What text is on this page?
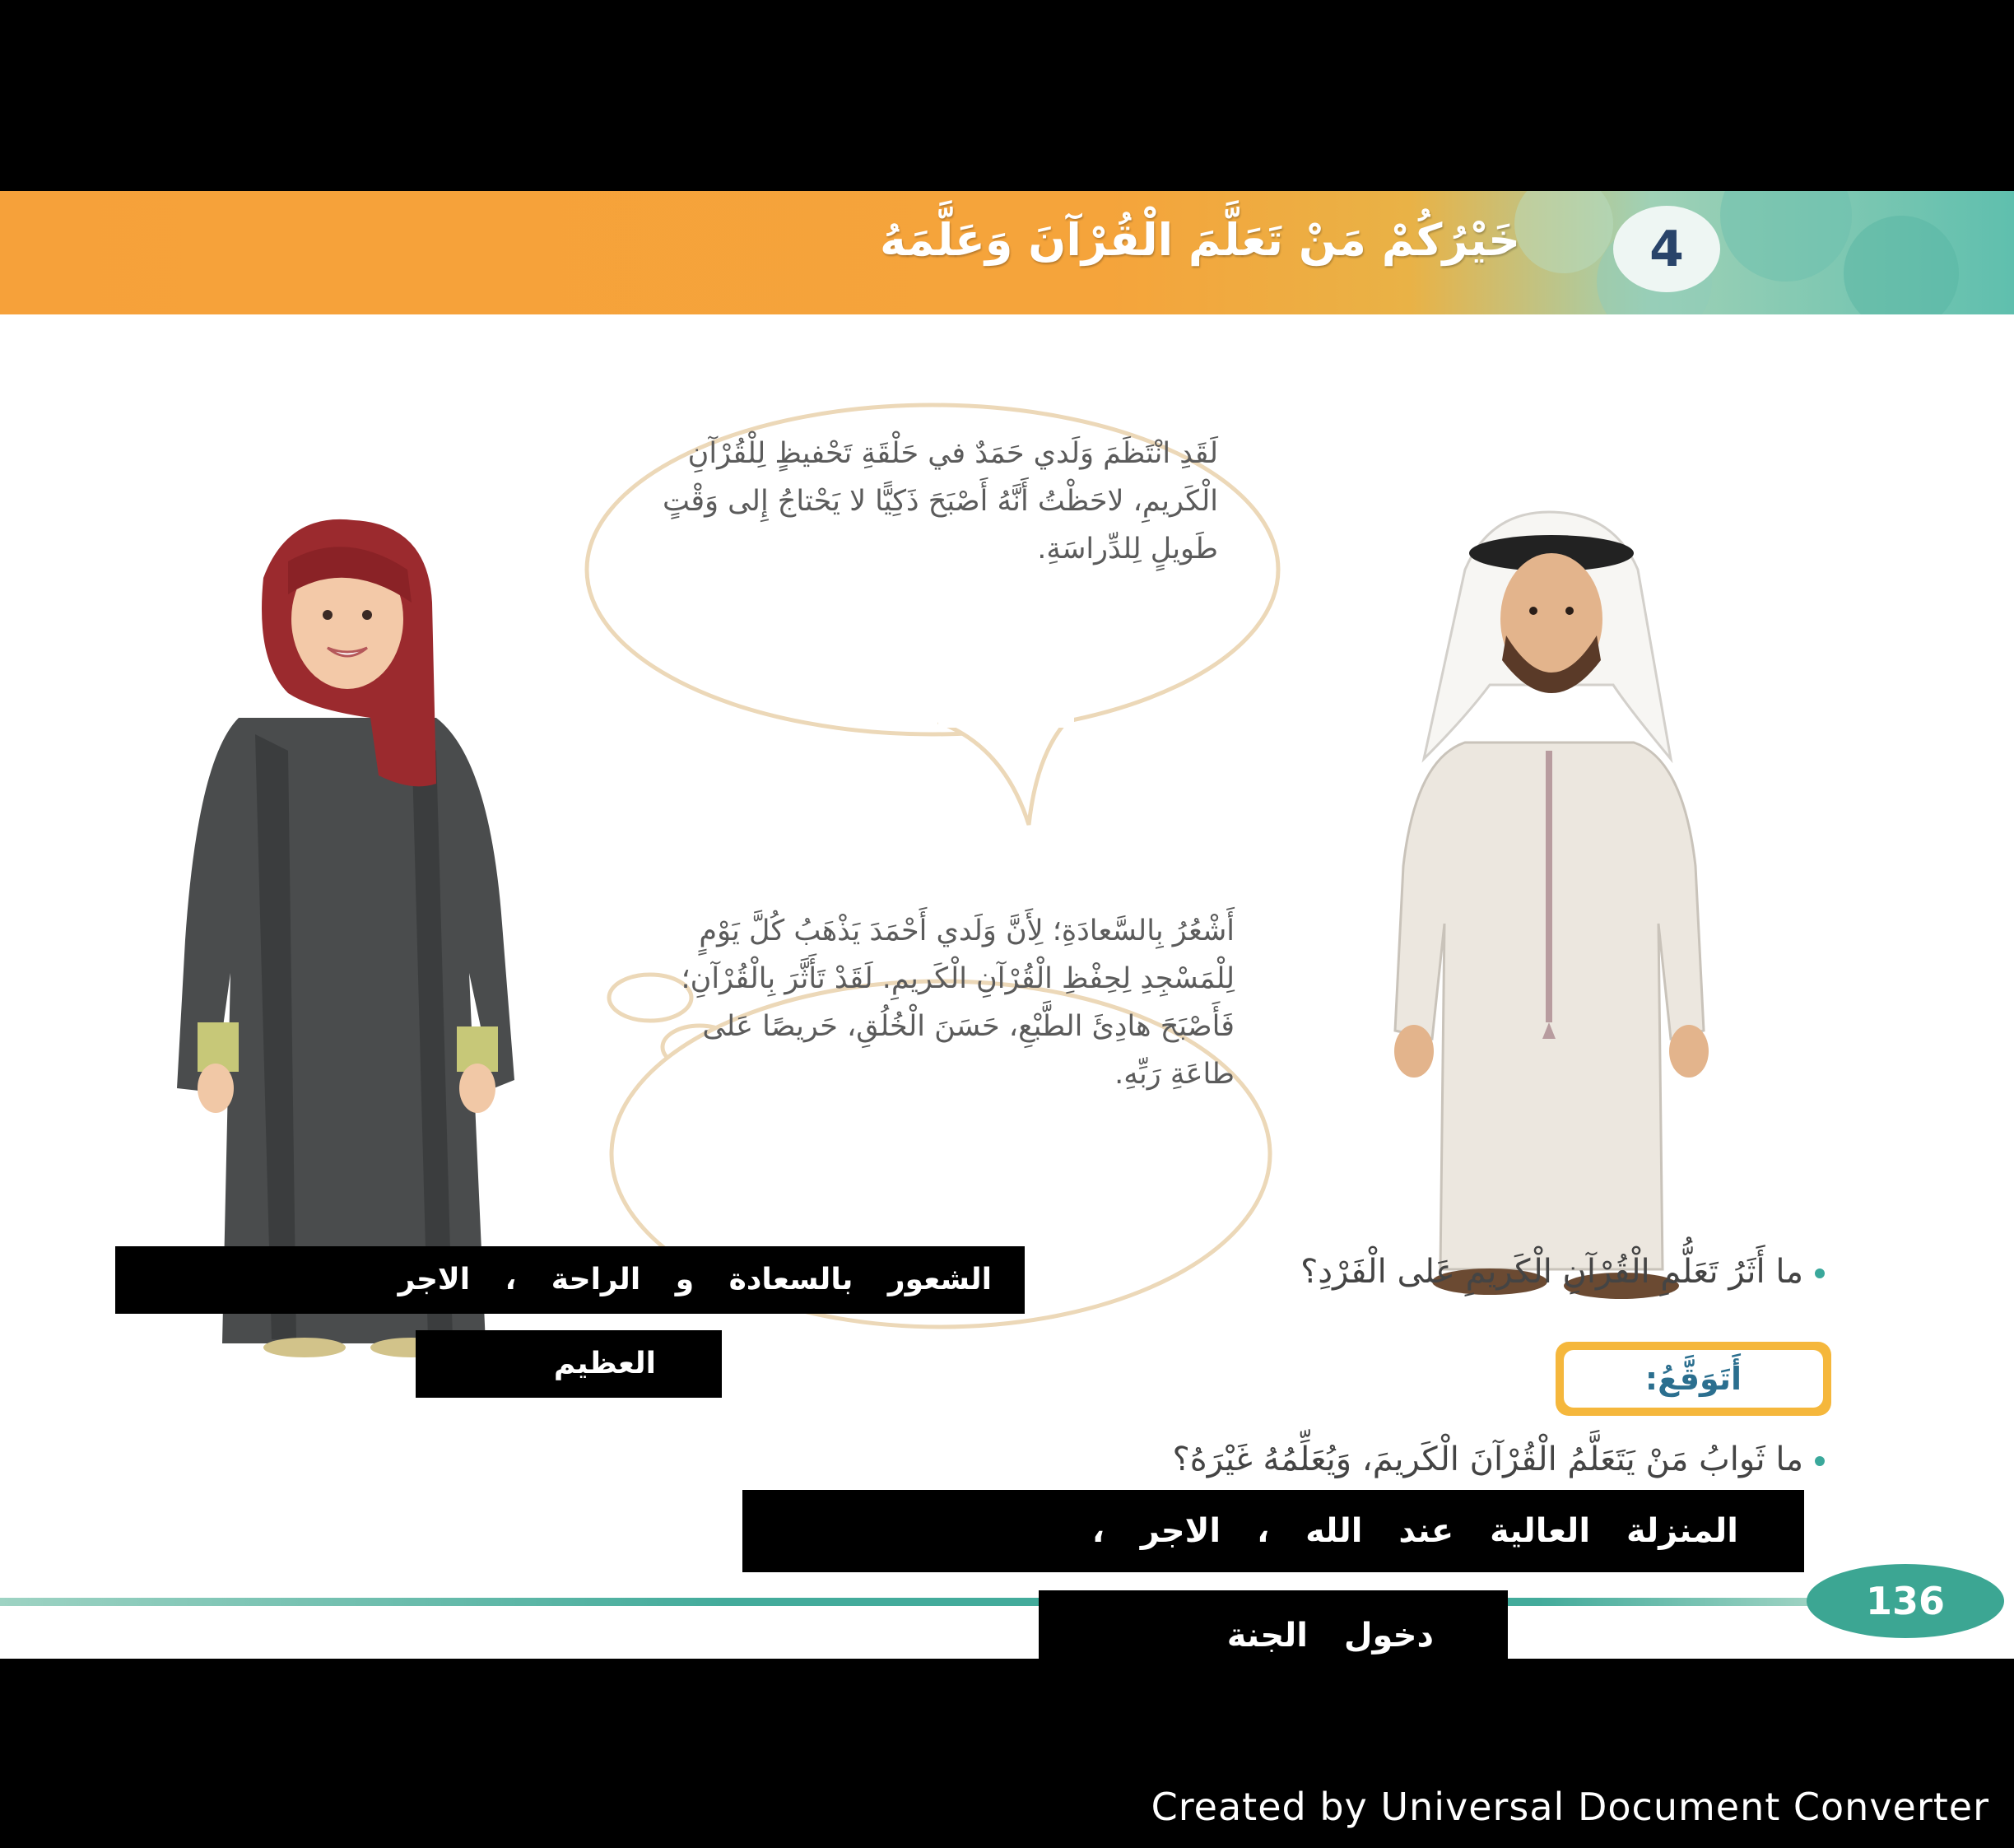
4
خَيْرُكُمْ مَنْ تَعَلَّمَ الْقُرْآنَ وَعَلَّمَهُ
لَقَدِ انْتَظَمَ وَلَدي حَمَدٌ في حَلْقَةِ تَحْفيظٍ لِلْقُرْآنِ الْكَريمِ، لاحَظْتُ أَنَّهُ أَصْبَحَ ذَكِيًّا لا يَحْتاجُ إِلى وَقْتٍ طَويلٍ لِلدِّراسَةِ.
أَشْعُرُ بِالسَّعادَةِ؛ لِأَنَّ وَلَدي أَحْمَدَ يَذْهَبُ كُلَّ يَوْمٍ لِلْمَسْجِدِ لِحِفْظِ الْقُرْآنِ الْكَريمِ. لَقَدْ تَأَثَّرَ بِالْقُرْآنِ؛ فَأَصْبَحَ هادِئَ الطَّبْعِ، حَسَنَ الْخُلُقِ، حَريصًا عَلى طاعَةِ رَبِّهِ.
ما أَثَرُ تَعَلُّمِ الْقُرْآنِ الْكَريمِ عَلى الْفَرْدِ؟
الشعور بالسعادة و الراحة ، الاجر
العظيم	أَتَوَقَّعُ:
ما ثَوابُ مَنْ يَتَعَلَّمُ الْقُرْآنَ الْكَريمَ، وَيُعَلِّمُهُ غَيْرَهُ؟
المنزلة العالية عند الله ، الاجر ،
136
دخول الجنة
Created by Universal Document Converter
